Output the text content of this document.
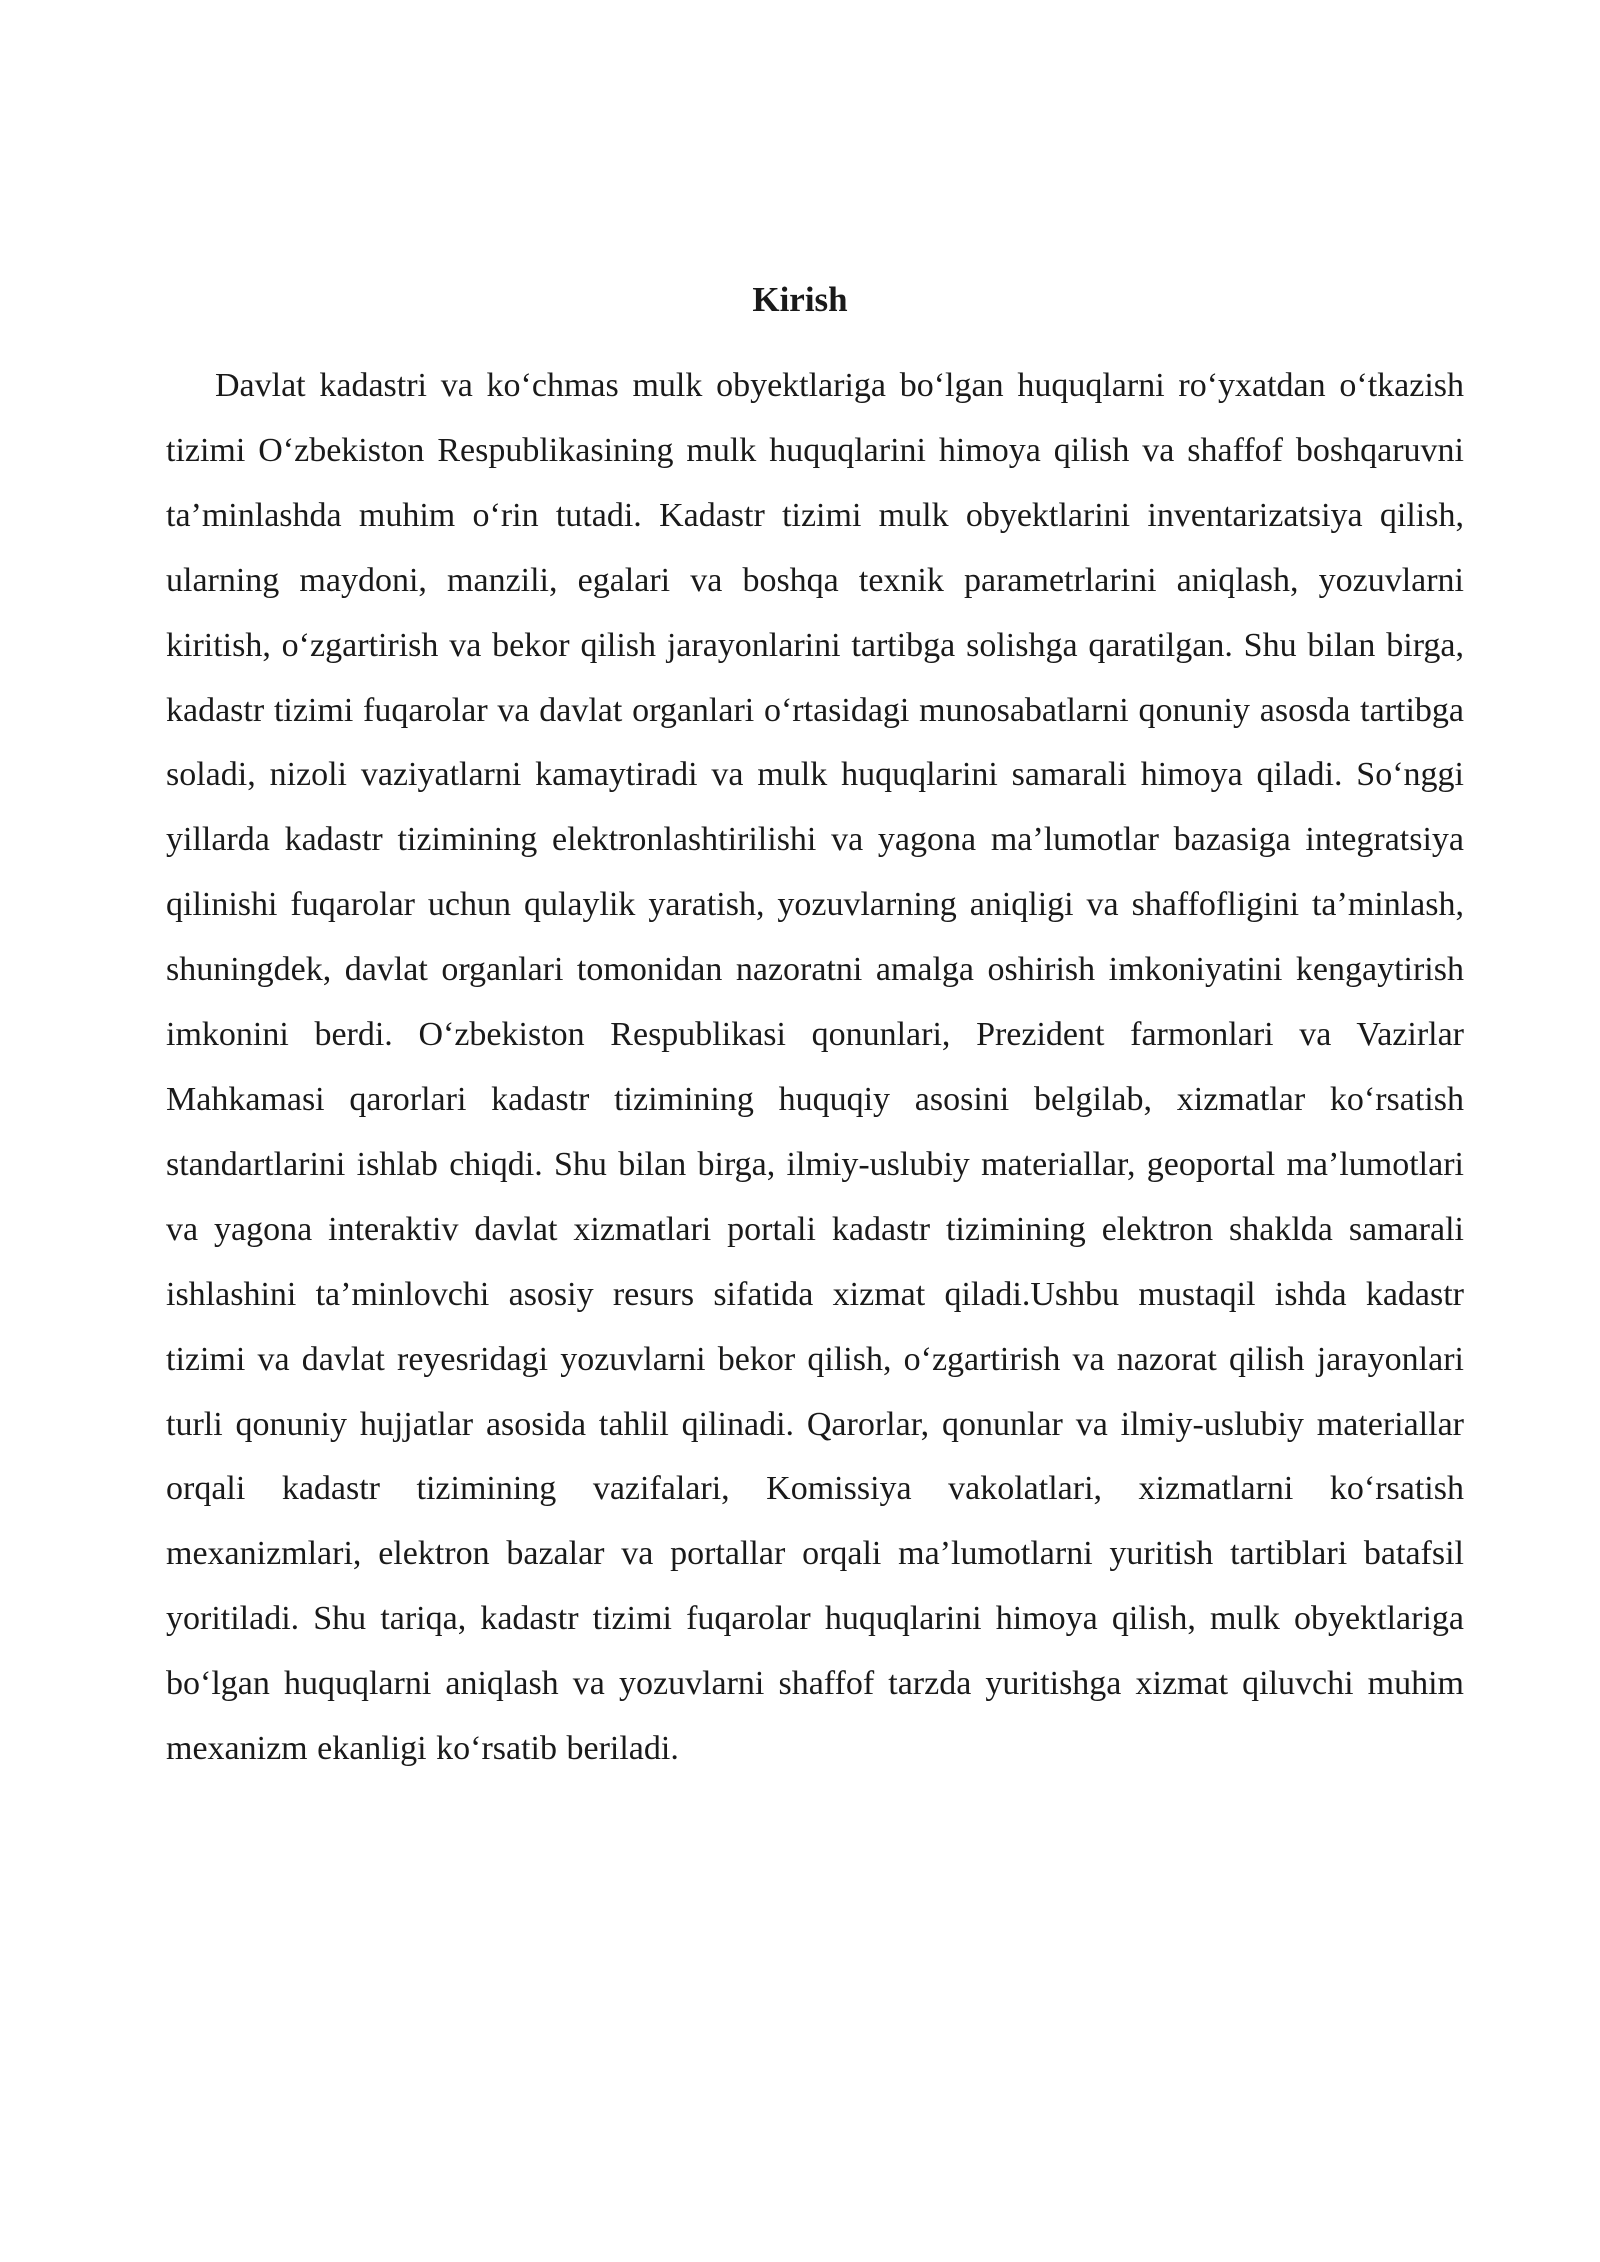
Kirish

Davlat kadastri va ko‘chmas mulk obyektlariga bo‘lgan huquqlarni ro‘yxatdan o‘tkazish tizimi O‘zbekiston Respublikasining mulk huquqlarini himoya qilish va shaffof boshqaruvni ta’minlashda muhim o‘rin tutadi. Kadastr tizimi mulk obyektlarini inventarizatsiya qilish, ularning maydoni, manzili, egalari va boshqa texnik parametrlarini aniqlash, yozuvlarni kiritish, o‘zgartirish va bekor qilish jarayonlarini tartibga solishga qaratilgan. Shu bilan birga, kadastr tizimi fuqarolar va davlat organlari o‘rtasidagi munosabatlarni qonuniy asosda tartibga soladi, nizoli vaziyatlarni kamaytiradi va mulk huquqlarini samarali himoya qiladi. So‘nggi yillarda kadastr tizimining elektronlashtirilishi va yagona ma’lumotlar bazasiga integratsiya qilinishi fuqarolar uchun qulaylik yaratish, yozuvlarning aniqligi va shaffofligini ta’minlash, shuningdek, davlat organlari tomonidan nazoratni amalga oshirish imkoniyatini kengaytirish imkonini berdi. O‘zbekiston Respublikasi qonunlari, Prezident farmonlari va Vazirlar Mahkamasi qarorlari kadastr tizimining huquqiy asosini belgilab, xizmatlar ko‘rsatish standartlarini ishlab chiqdi. Shu bilan birga, ilmiy-uslubiy materiallar, geoportal ma’lumotlari va yagona interaktiv davlat xizmatlari portali kadastr tizimining elektron shaklda samarali ishlashini ta’minlovchi asosiy resurs sifatida xizmat qiladi.Ushbu mustaqil ishda kadastr tizimi va davlat reyesridagi yozuvlarni bekor qilish, o‘zgartirish va nazorat qilish jarayonlari turli qonuniy hujjatlar asosida tahlil qilinadi. Qarorlar, qonunlar va ilmiy-uslubiy materiallar orqali kadastr tizimining vazifalari, Komissiya vakolatlari, xizmatlarni ko‘rsatish mexanizmlari, elektron bazalar va portallar orqali ma’lumotlarni yuritish tartiblari batafsil yoritiladi. Shu tariqa, kadastr tizimi fuqarolar huquqlarini himoya qilish, mulk obyektlariga bo‘lgan huquqlarni aniqlash va yozuvlarni shaffof tarzda yuritishga xizmat qiluvchi muhim mexanizm ekanligi ko‘rsatib beriladi.
